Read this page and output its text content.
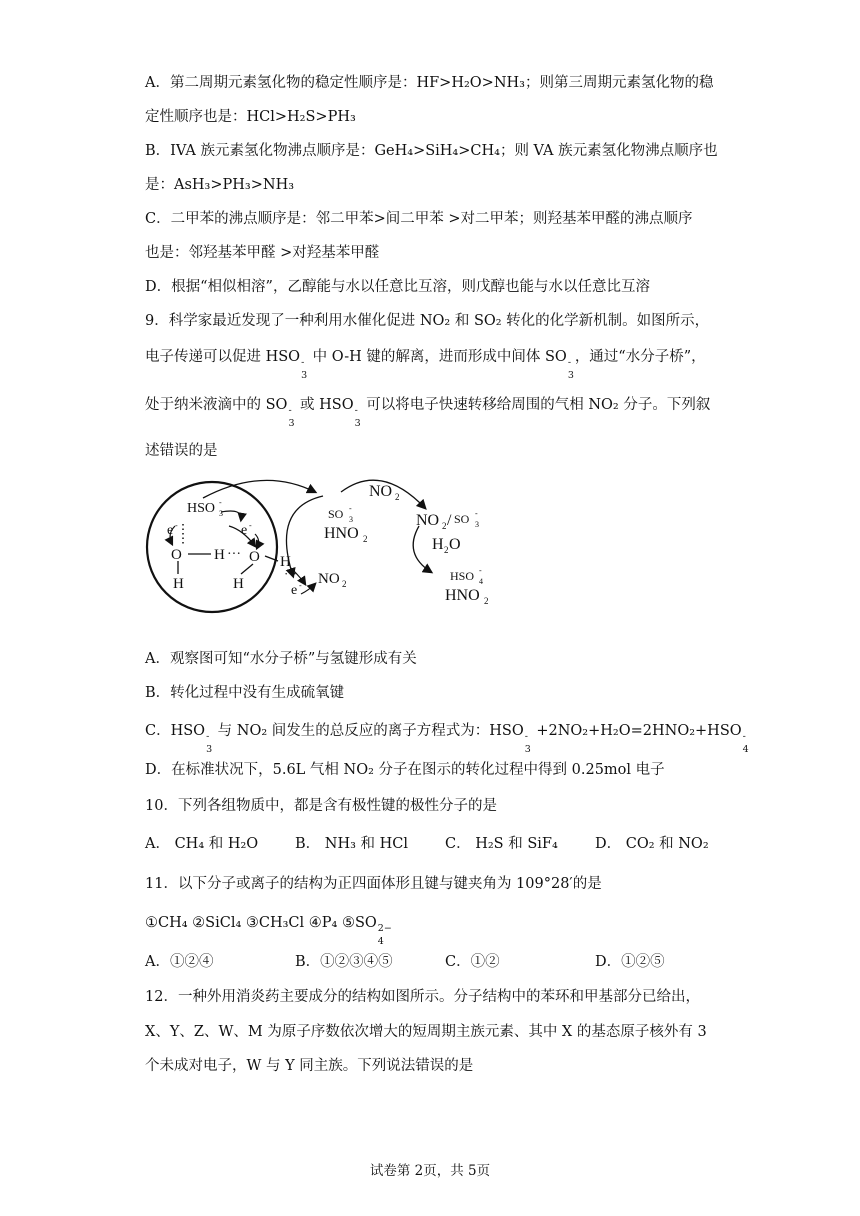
A．第二周期元素氢化物的稳定性顺序是：HF>H₂O>NH₃；则第三周期元素氢化物的稳
定性顺序也是：HCl>H₂S>PH₃
B．IVA 族元素氢化物沸点顺序是：GeH₄>SiH₄>CH₄；则 VA 族元素氢化物沸点顺序也
是：AsH₃>PH₃>NH₃
C．二甲苯的沸点顺序是：邻二甲苯>间二甲苯 >对二甲苯；则羟基苯甲醛的沸点顺序
也是：邻羟基苯甲醛 >对羟基苯甲醛
D．根据“相似相溶”，乙醇能与水以任意比互溶，则戊醇也能与水以任意比互溶
9．科学家最近发现了一种利用水催化促进 NO₂ 和 SO₂ 转化的化学新机制。如图所示，
电子传递可以促进 HSO -
3
中 O-H 键的解离，进而形成中间体 SO -
3
，通过“水分子桥”，
处于纳米液滴中的 SO -
3
或 HSO -
3
可以将电子快速转移给周围的气相 NO₂ 分子。下列叙
述错误的是
HSO -
3
e -	e -
O H ··· O H
H	H
··· NO 2
e -
SO -
3
HNO 2
NO 2
NO 2 / SO -
3
H 2 O
HSO -
4
HNO 2
A．观察图可知“水分子桥”与氢键形成有关
B．转化过程中没有生成硫氧键
C．HSO -
3
与 NO₂ 间发生的总反应的离子方程式为：HSO -
3
+2NO₂+H₂O=2HNO₂+HSO -
4
D．在标准状况下，5.6L 气相 NO₂ 分子在图示的转化过程中得到 0.25mol 电子
10．下列各组物质中，都是含有极性键的极性分子的是
A． CH₄ 和 H₂O	B． NH₃ 和 HCl	C． H₂S 和 SiF₄	D． CO₂ 和 NO₂
11．以下分子或离子的结构为正四面体形且键与键夹角为 109°28′的是
①CH₄ ②SiCl₄ ③CH₃Cl ④P₄ ⑤SO 2−
4
A．①②④	B．①②③④⑤	C．①②	D．①②⑤
12．一种外用消炎药主要成分的结构如图所示。分子结构中的苯环和甲基部分已给出，
X、Y、Z、W、M 为原子序数依次增大的短周期主族元素、其中 X 的基态原子核外有 3
个未成对电子，W 与 Y 同主族。下列说法错误的是
试卷第 2页，共 5页
